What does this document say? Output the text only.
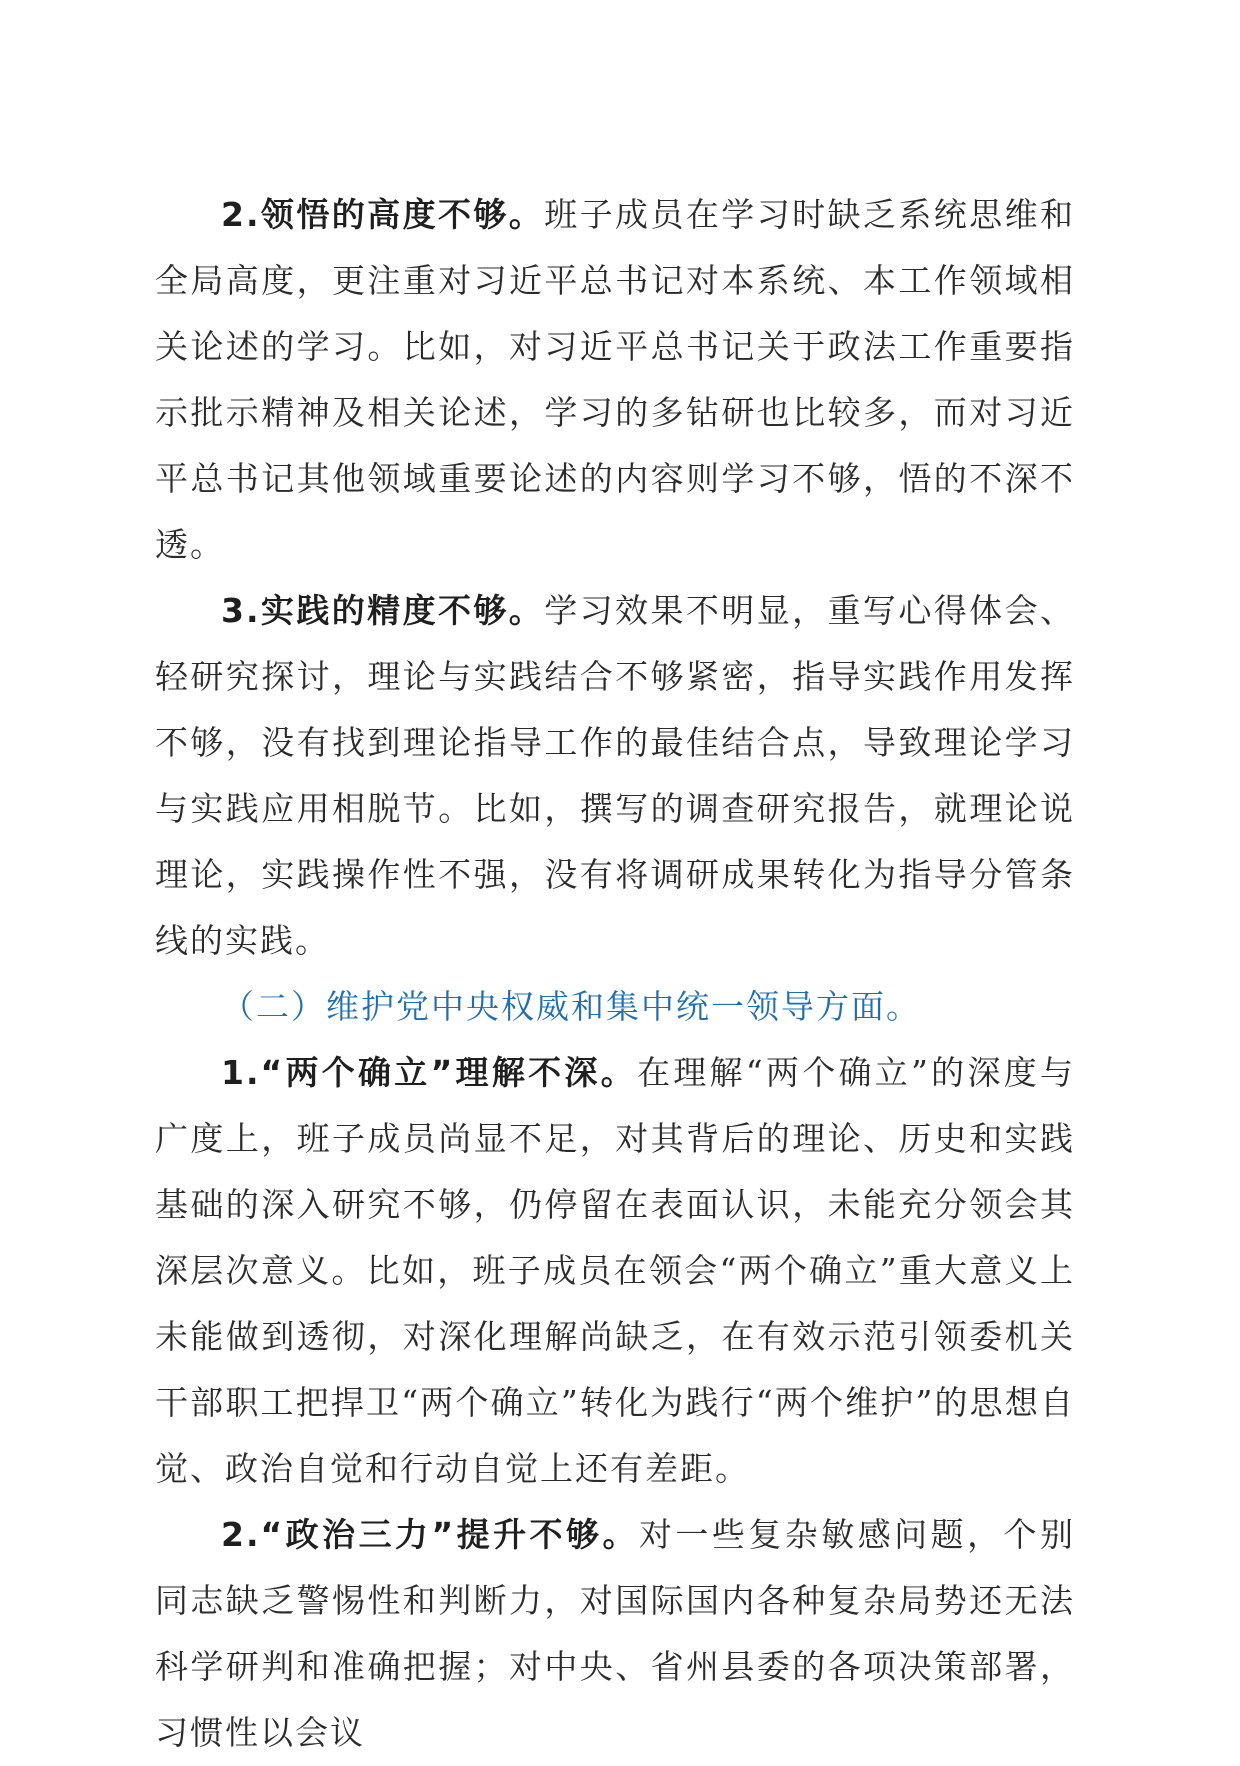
2.领悟的高度不够。班子成员在学习时缺乏系统思维和全局高度，更注重对习近平总书记对本系统、本工作领域相关论述的学习。比如，对习近平总书记关于政法工作重要指示批示精神及相关论述，学习的多钻研也比较多，而对习近平总书记其他领域重要论述的内容则学习不够，悟的不深不透。

3.实践的精度不够。学习效果不明显，重写心得体会、轻研究探讨，理论与实践结合不够紧密，指导实践作用发挥不够，没有找到理论指导工作的最佳结合点，导致理论学习与实践应用相脱节。比如，撰写的调查研究报告，就理论说理论，实践操作性不强，没有将调研成果转化为指导分管条线的实践。

（二）维护党中央权威和集中统一领导方面。

1.“两个确立”理解不深。在理解“两个确立”的深度与广度上，班子成员尚显不足，对其背后的理论、历史和实践基础的深入研究不够，仍停留在表面认识，未能充分领会其深层次意义。比如，班子成员在领会“两个确立”重大意义上未能做到透彻，对深化理解尚缺乏，在有效示范引领委机关干部职工把捍卫“两个确立”转化为践行“两个维护”的思想自觉、政治自觉和行动自觉上还有差距。

2.“政治三力”提升不够。对一些复杂敏感问题，个别同志缺乏警惕性和判断力，对国际国内各种复杂局势还无法科学研判和准确把握；对中央、省州县委的各项决策部署，习惯性以会议
